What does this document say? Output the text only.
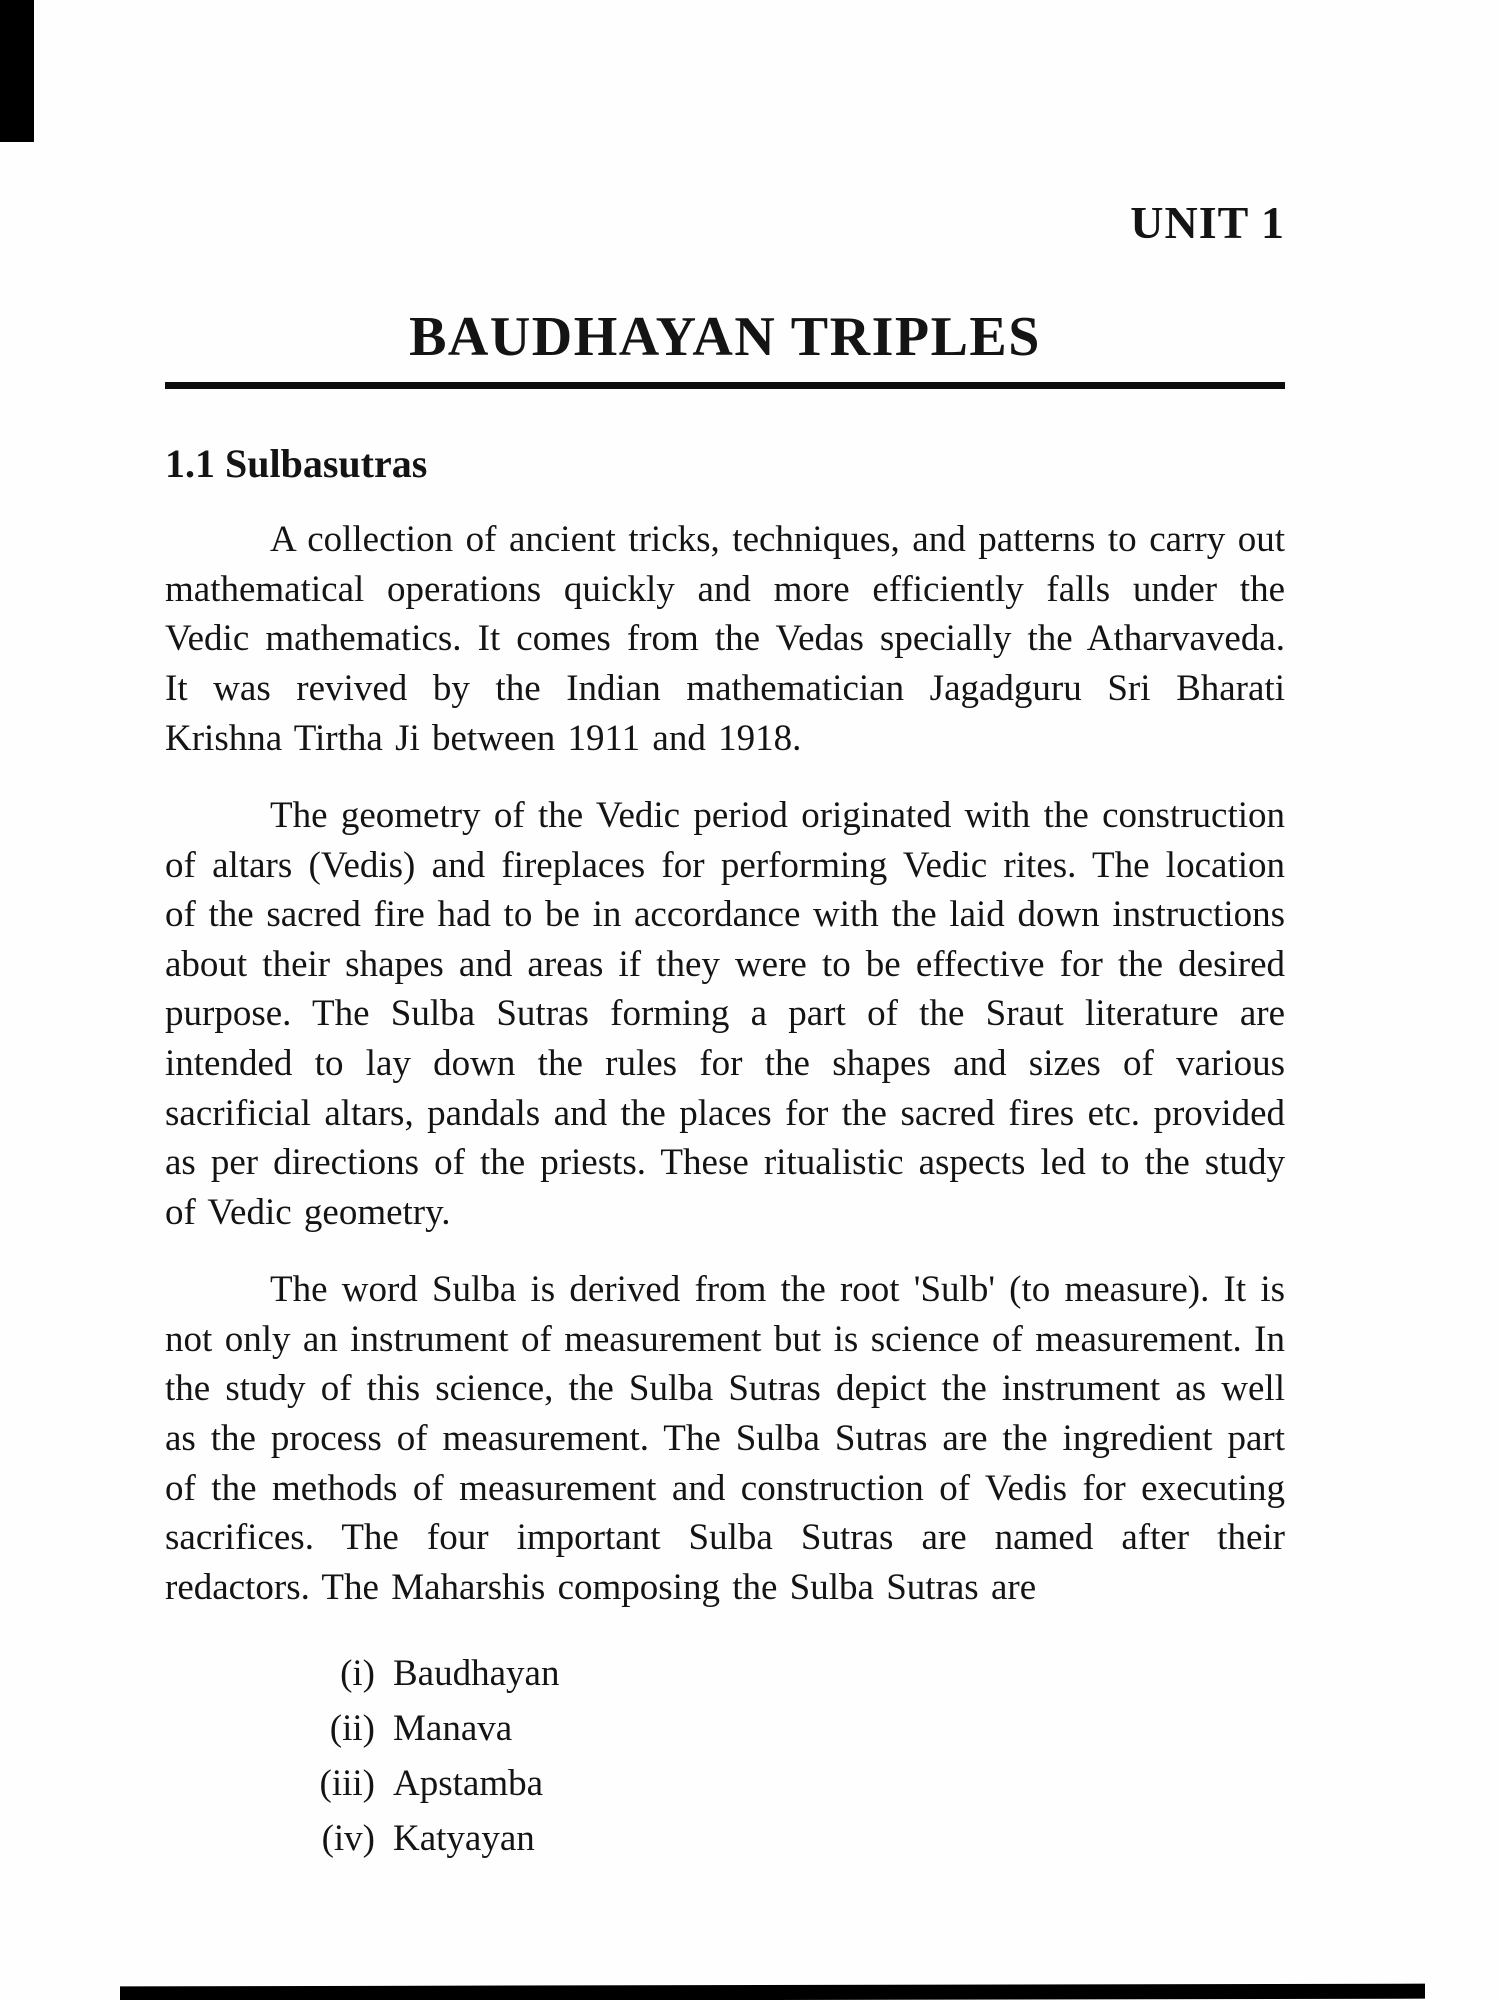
UNIT 1
BAUDHAYAN TRIPLES
1.1 Sulbasutras

A collection of ancient tricks, techniques, and patterns to carry out mathematical operations quickly and more efficiently falls under the Vedic mathematics. It comes from the Vedas specially the Atharvaveda. It was revived by the Indian mathematician Jagadguru Sri Bharati Krishna Tirtha Ji between 1911 and 1918.

The geometry of the Vedic period originated with the construction of altars (Vedis) and fireplaces for performing Vedic rites. The location of the sacred fire had to be in accordance with the laid down instructions about their shapes and areas if they were to be effective for the desired purpose. The Sulba Sutras forming a part of the Sraut literature are intended to lay down the rules for the shapes and sizes of various sacrificial altars, pandals and the places for the sacred fires etc. provided as per directions of the priests. These ritualistic aspects led to the study of Vedic geometry.

The word Sulba is derived from the root 'Sulb' (to measure). It is not only an instrument of measurement but is science of measurement. In the study of this science, the Sulba Sutras depict the instrument as well as the process of measurement. The Sulba Sutras are the ingredient part of the methods of measurement and construction of Vedis for executing sacrifices. The four important Sulba Sutras are named after their redactors. The Maharshis composing the Sulba Sutras are

(i) Baudhayan
(ii) Manava
(iii) Apstamba
(iv) Katyayan
